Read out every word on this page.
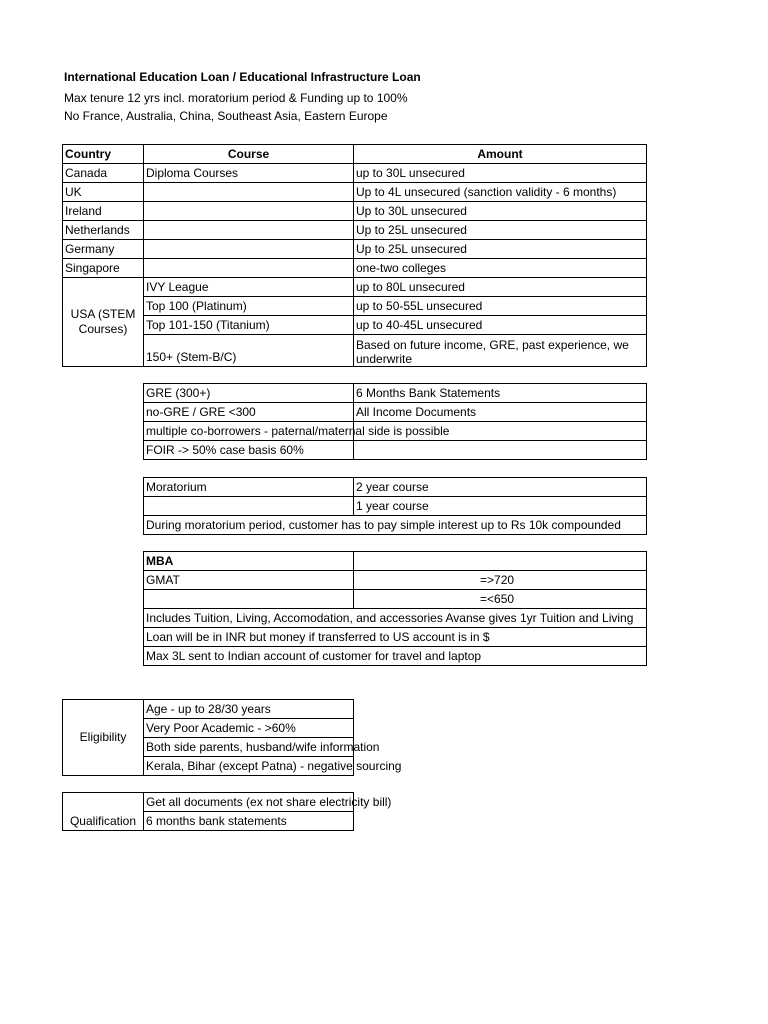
International Education Loan / Educational Infrastructure Loan
Max tenure 12 yrs incl. moratorium period & Funding up to 100%
No France, Australia, China, Southeast Asia, Eastern Europe
Country	Course	Amount
Canada	Diploma Courses	up to 30L unsecured
UK		Up to 4L unsecured (sanction validity - 6 months)
Ireland		Up to 30L unsecured
Netherlands		Up to 25L unsecured
Germany		Up to 25L unsecured
Singapore		one-two colleges
USA (STEM Courses)	IVY League	up to 80L unsecured
	Top 100 (Platinum)	up to 50-55L unsecured
	Top 101-150 (Titanium)	up to 40-45L unsecured
	150+ (Stem-B/C)	Based on future income, GRE, past experience, we underwrite
GRE (300+)	6 Months Bank Statements
no-GRE / GRE <300	All Income Documents
multiple co-borrowers - paternal/maternal side is possible	
FOIR -> 50% case basis 60%	
Moratorium	2 year course
	1 year course
During moratorium period, customer has to pay simple interest up to Rs 10k compounded	
MBA	
GMAT	=>720
	=<650
Includes Tuition, Living, Accomodation, and accessories Avanse gives 1yr Tuition and Living	
Loan will be in INR but money if transferred to US account is in $	
Max 3L sent to Indian account of customer for travel and laptop	
Eligibility	Age - up to 28/30 years
Very Poor Academic - >60%
Both side parents, husband/wife information
Kerala, Bihar (except Patna) - negative sourcing
Qualification	Get all documents (ex not share electricity bill)
6 months bank statements
